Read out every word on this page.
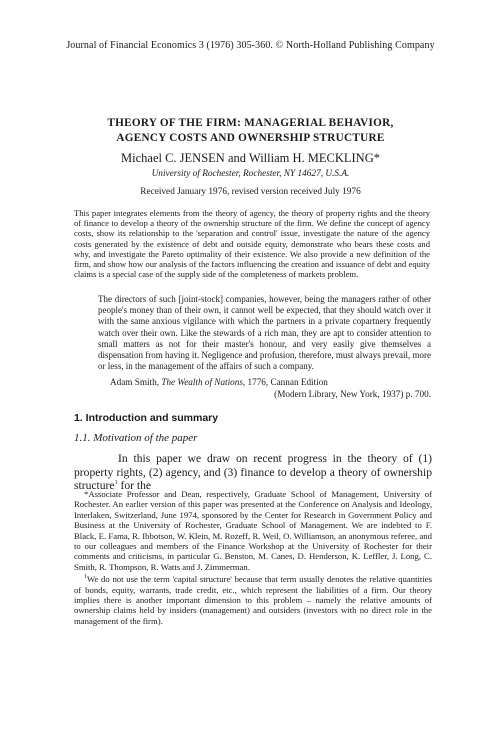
Journal of Financial Economics 3 (1976) 305-360. © North-Holland Publishing Company
THEORY OF THE FIRM: MANAGERIAL BEHAVIOR,
AGENCY COSTS AND OWNERSHIP STRUCTURE
Michael C. JENSEN and William H. MECKLING*
University of Rochester, Rochester, NY 14627, U.S.A.
Received January 1976, revised version received July 1976
This paper integrates elements from the theory of agency, the theory of property rights and the theory of finance to develop a theory of the ownership structure of the firm. We define the concept of agency costs, show its relationship to the 'separation and control' issue, investigate the nature of the agency costs generated by the existence of debt and outside equity, demonstrate who bears these costs and why, and investigate the Pareto optimality of their existence. We also provide a new definition of the firm, and show how our analysis of the factors influencing the creation and issuance of debt and equity claims is a special case of the supply side of the completeness of markets problem.
The directors of such [joint-stock] companies, however, being the managers rather of other people's money than of their own, it cannot well be expected, that they should watch over it with the same anxious vigilance with which the partners in a private copartnery frequently watch over their own. Like the stewards of a rich man, they are apt to consider attention to small matters as not for their master's honour, and very easily give themselves a dispensation from having it. Negligence and profusion, therefore, must always prevail, more or less, in the management of the affairs of such a company.
Adam Smith, The Wealth of Nations, 1776, Cannan Edition
(Modern Library, New York, 1937) p. 700.
1. Introduction and summary
1.1. Motivation of the paper
In this paper we draw on recent progress in the theory of (1) property rights, (2) agency, and (3) finance to develop a theory of ownership structure$^1$ for the

*Associate Professor and Dean, respectively, Graduate School of Management, University of Rochester. An earlier version of this paper was presented at the Conference on Analysis and Ideology, Interlaken, Switzerland, June 1974, sponsored by the Center for Research in Government Policy and Business at the University of Rochester, Graduate School of Management. We are indebted to F. Black, E. Fama, R. Ibbotson, W. Klein, M. Rozeff, R. Weil, O. Williamson, an anonymous referee, and to our colleagues and members of the Finance Workshop at the University of Rochester for their comments and criticisms, in particular G. Benston, M. Canes, D. Henderson, K. Leffler, J. Long, C. Smith, R. Thompson, R. Watts and J. Zimmerman.

$^1$We do not use the term 'capital structure' because that term usually denotes the relative quantities of bonds, equity, warrants, trade credit, etc., which represent the liabilities of a firm. Our theory implies there is another important dimension to this problem – namely the relative amounts of ownership claims held by insiders (management) and outsiders (investors with no direct role in the management of the firm).
